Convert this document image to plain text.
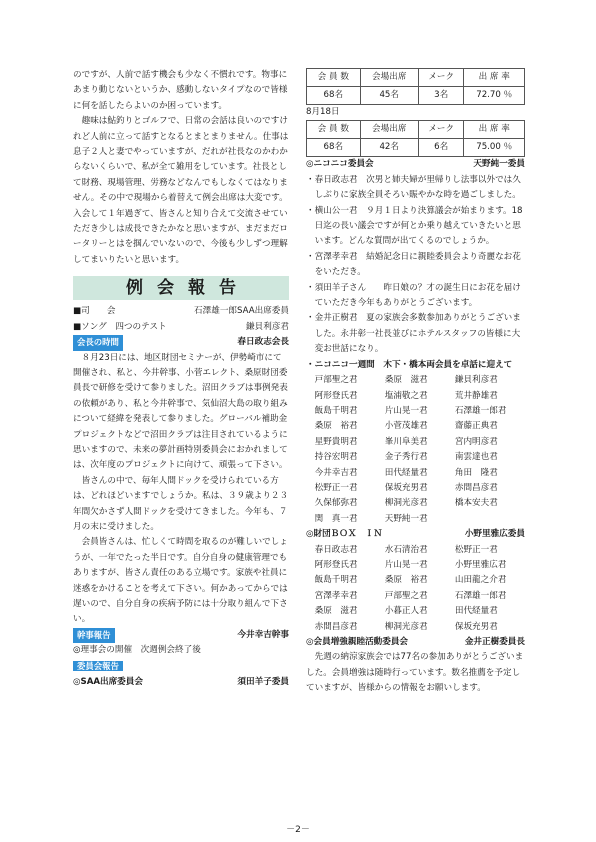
のですが、人前で話す機会も少なく不慣れです。物事にあまり動じないというか、感動しないタイプなので皆様に何を話したらよいのか困っています。

趣味は鮎釣りとゴルフで、日常の会話は良いのですけれど人前に立って話すとなるとまとまりません。仕事は息子２人と妻でやっていますが、だれが社長なのかわからないくらいで、私が全て雑用をしています。社長として財務、現場管理、労務などなんでもしなくてはなりません。その中で現場から着替えて例会出席は大変です。入会して１年過ぎて、皆さんと知り合えて交流させていただき少しは成長できたかなと思いますが、まだまだロータリーとはを掴んでいないので、今後も少しずつ理解してまいりたいと思います。

例会報告
■司　　会	石澤雄一郎SAA出席委員
■ソング　四つのテスト	鎌貝利彦君
会長の時間	春日政志会長

８月23日には、地区財団セミナーが、伊勢崎市にて開催され、私と、今井幹事、小菅エレクト、桑原財団委員長で研修を受けて参りました。沼田クラブは事例発表の依頼があり、私と今井幹事で、気仙沼大島の取り組みについて経緯を発表して参りました。グローバル補助金プロジェクトなどで沼田クラブは注目されているように思いますので、未来の夢計画特別委員会におかれましては、次年度のプロジェクトに向けて、頑張って下さい。

皆さんの中で、毎年人間ドックを受けられている方は、どれほどいますでしょうか。私は、３９歳より２３年間欠かさず人間ドックを受けてきました。今年も、７月の末に受けました。

会員皆さんは、忙しくて時間を取るのが難しいでしょうが、一年でたった半日です。自分自身の健康管理でもありますが、皆さん責任のある立場です。家族や社員に迷惑をかけることを考えて下さい。何かあってからでは遅いので、自分自身の疾病予防には十分取り組んで下さい。

幹事報告	今井幸吉幹事

◎理事会の開催　次週例会終了後

委員会報告
◎SAA出席委員会	須田羊子委員
会 員 数	会場出席	メーク	出 席 率
68名	45名	3名	72.70 ％

8月18日

会 員 数	会場出席	メーク	出 席 率
68名	42名	6名	75.00 ％
◎ニコニコ委員会	天野純一委員

・春日政志君　次男と姉夫婦が里帰りし法事以外では久しぶりに家族全員そろい賑やかな時を過ごしました。

・横山公一君　９月１日より決算議会が始まります。18日迄の長い議会ですが何とか乗り越えていきたいと思います。どんな質問が出てくるのでしょうか。

・宮澤孝幸君　結婚記念日に親睦委員会より奇麗なお花をいただき。

・須田羊子さん　　昨日娘の？才の誕生日にお花を届けていただき今年もありがとうございます。

・金井正樹君　夏の家族会多数参加ありがとうございました。永井彰一社長並びにホテルスタッフの皆様に大変お世話になり。

・ニコニコ一週間　木下・橋本両会員を卓話に迎えて

戸部聖之君	桑原　滋君	鎌貝利彦君
阿形登氏君	塩浦敬之君	荒井静雄君
飯島千明君	片山晃一君	石澤雄一郎君
桑原　裕君	小菅茂雄君	齋藤正典君
星野貴明君	峯川阜美君	宮内明彦君
持谷宏明君	金子秀行君	南雲達也君
今井幸吉君	田代経量君	角田　隆君
松野正一君	保坂充男君	赤間昌彦君
久保郁弥君	柳洞光彦君	橋本安夫君
関　真一君	天野純一君
◎財団ＢＯＸ　ＩＮ	小野里雅広委員
春日政志君	水石清治君	松野正一君
阿形登氏君	片山晃一君	小野里雅広君
飯島千明君	桑原　裕君	山田龍之介君
宮澤孝幸君	戸部聖之君	石澤雄一郎君
桑原　滋君	小暮正人君	田代経量君
赤間昌彦君	柳洞光彦君	保坂充男君
◎会員増強親睦活動委員会	金井正樹委員長

先週の納涼家族会では77名の参加ありがとうございました。会員増強は随時行っています。数名推薦を予定していますが、皆様からの情報をお願いします。

－2－
